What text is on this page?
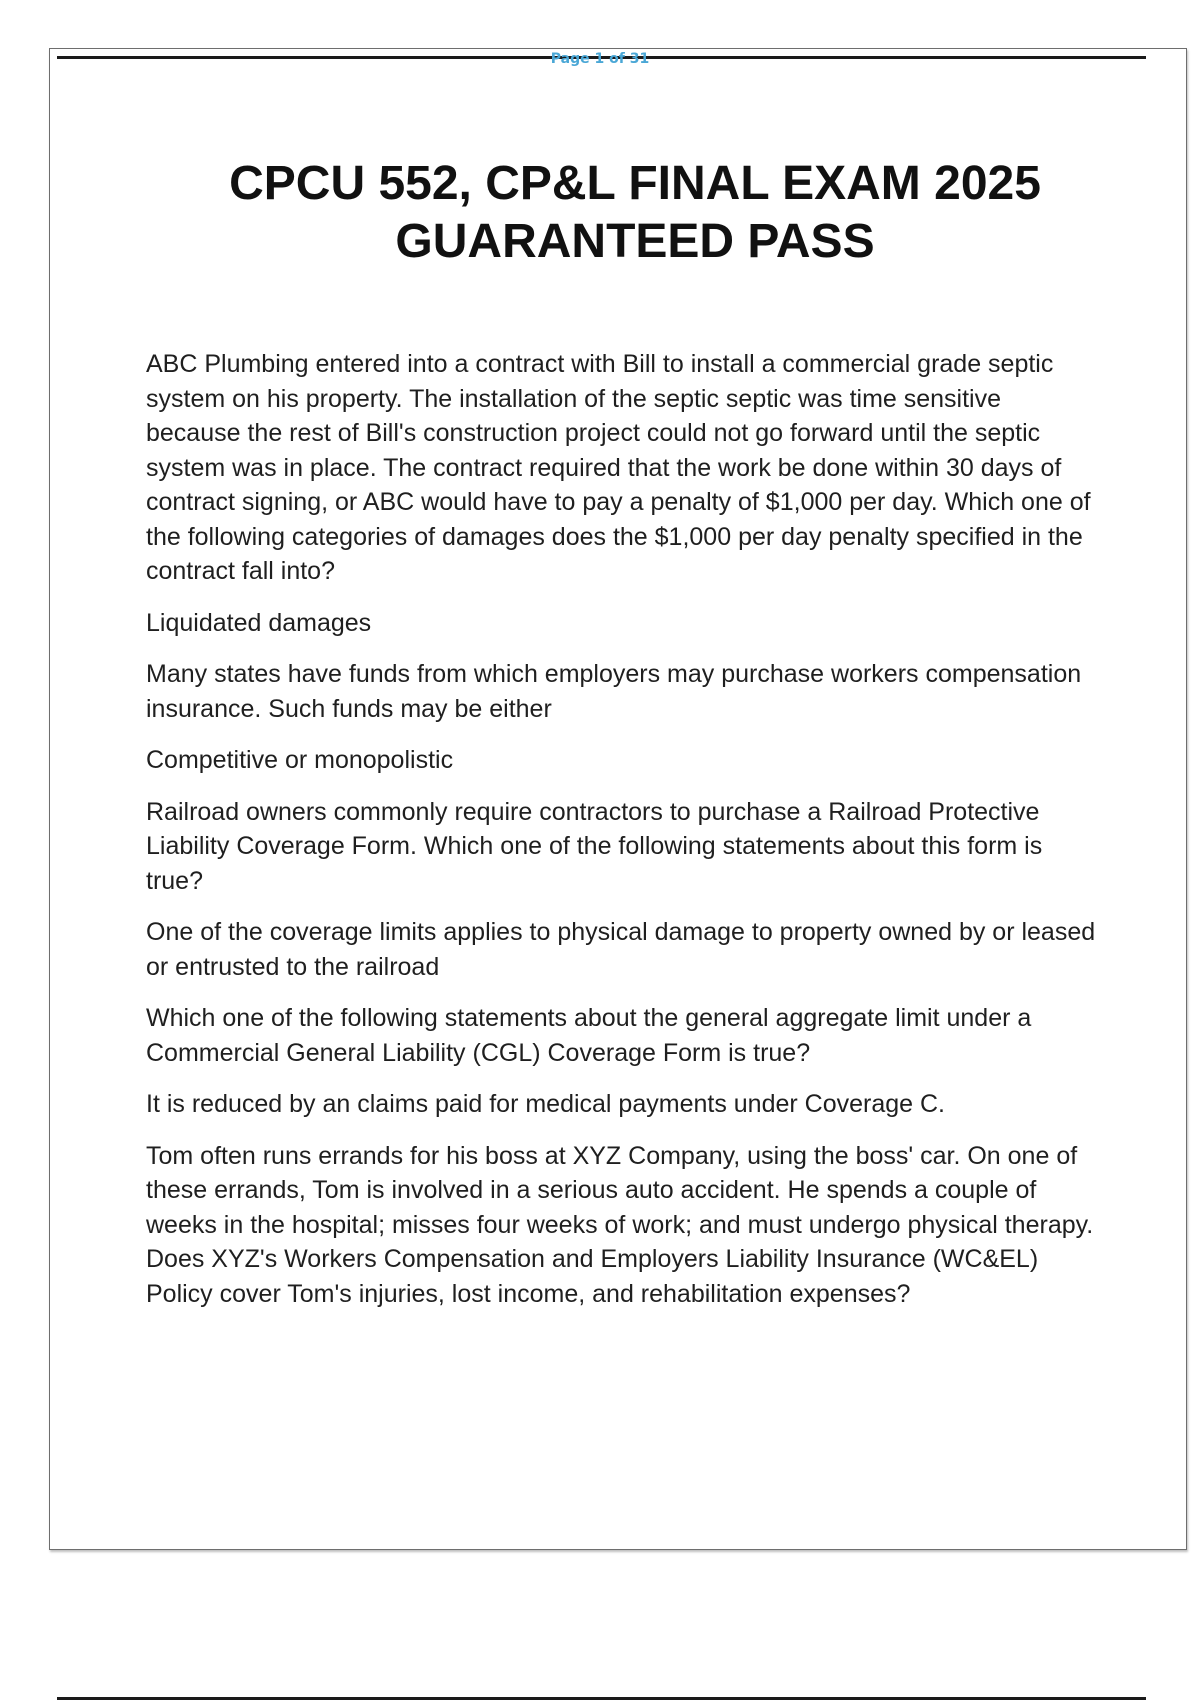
Page 1 of 31
CPCU 552, CP&L FINAL EXAM 2025
GUARANTEED PASS

ABC Plumbing entered into a contract with Bill to install a commercial grade septic system on his property. The installation of the septic septic was time sensitive because the rest of Bill's construction project could not go forward until the septic system was in place. The contract required that the work be done within 30 days of contract signing, or ABC would have to pay a penalty of $1,000 per day. Which one of the following categories of damages does the $1,000 per day penalty specified in the contract fall into?

Liquidated damages

Many states have funds from which employers may purchase workers compensation insurance. Such funds may be either

Competitive or monopolistic

Railroad owners commonly require contractors to purchase a Railroad Protective Liability Coverage Form. Which one of the following statements about this form is true?

One of the coverage limits applies to physical damage to property owned by or leased or entrusted to the railroad

Which one of the following statements about the general aggregate limit under a Commercial General Liability (CGL) Coverage Form is true?

It is reduced by an claims paid for medical payments under Coverage C.

Tom often runs errands for his boss at XYZ Company, using the boss' car. On one of these errands, Tom is involved in a serious auto accident. He spends a couple of weeks in the hospital; misses four weeks of work; and must undergo physical therapy. Does XYZ's Workers Compensation and Employers Liability Insurance (WC&EL) Policy cover Tom's injuries, lost income, and rehabilitation expenses?
